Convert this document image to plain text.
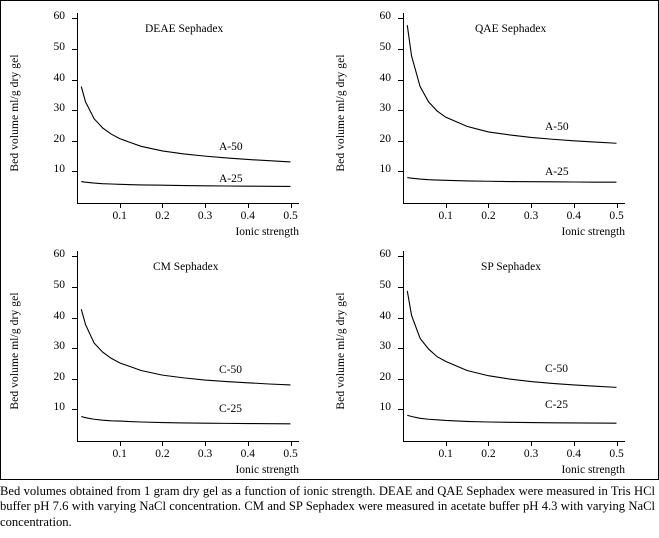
Bed volume ml/g dry gel	10
20
30
40
50
60
0.1 0.2 0.3 0.4 0.5
Ionic strength
DEAE Sephadex
A-50
A-25
Bed volume ml/g dry gel	10
20
30
40
50
60
0.1 0.2 0.3 0.4 0.5
Ionic strength
QAE Sephadex
A-50
A-25
Bed volume ml/g dry gel	10
20
30
40
50
60
0.1 0.2 0.3 0.4 0.5
Ionic strength
CM Sephadex
C-50
C-25	Bed volume ml/g dry gel	10
20
30
40
50
60
0.1 0.2 0.3 0.4 0.5
Ionic strength
SP Sephadex
C-50
C-25
Bed volumes obtained from 1 gram dry gel as a function of ionic strength. DEAE and QAE Sephadex were measured in Tris HCl buffer pH 7.6 with varying NaCl concentration. CM and SP Sephadex were measured in acetate buffer pH 4.3 with varying NaCl concentration.
